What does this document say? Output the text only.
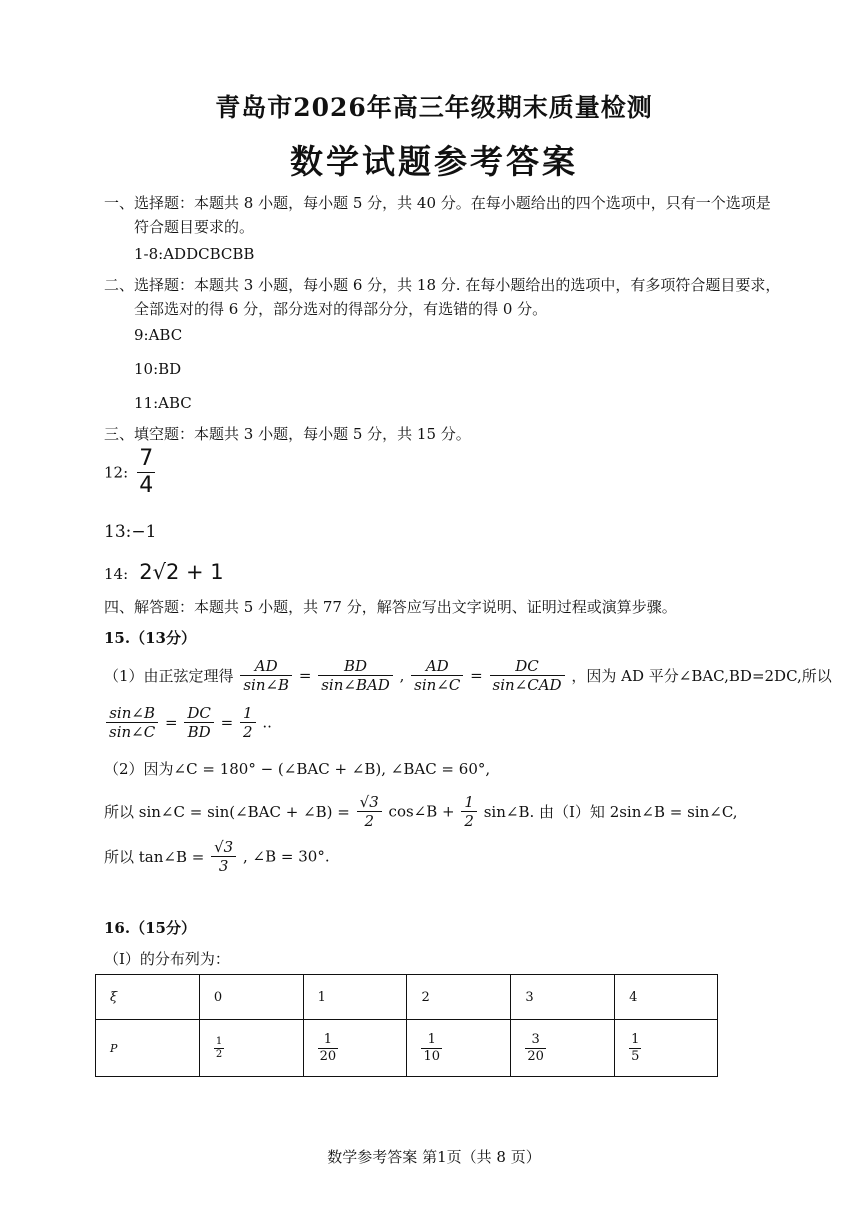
青岛市2026年高三年级期末质量检测
数学试题参考答案
一、选择题：本题共 8 小题，每小题 5 分，共 40 分。在每小题给出的四个选项中，只有一个选项是
符合题目要求的。
1-8:ADDCBCBB
二、选择题：本题共 3 小题，每小题 6 分，共 18 分. 在每小题给出的选项中，有多项符合题目要求，
全部选对的得 6 分，部分选对的得部分分，有选错的得 0 分。
9:ABC
10:BD
11:ABC
三、填空题：本题共 3 小题，每小题 5 分，共 15 分。
12: $\frac{7}{4}$
13:−1
14: 2√2 + 1
四、解答题：本题共 5 小题，共 77 分，解答应写出文字说明、证明过程或演算步骤。
15.（13分）
（1）由正弦定理得 $\frac{AD}{\sin\angle B} = \frac{BD}{\text{sin∠BAD}}$ , $\frac{AD}{\sin\angle C} = \frac{DC}{\text{sin∠CAD}}$ ，因为 AD 平分∠BAC,BD=2DC,所以
$\frac{\sin\angle B}{\sin\angle C} = \frac{DC}{BD} = \frac{1}{2}$ ..
（2）因为∠C = 180° − (∠BAC + ∠B), ∠BAC = 60°,
所以 sin∠C = sin(∠BAC + ∠B) = $\frac{√3}{2}$ cos∠B + $\frac{1}{2}$ sin∠B. 由（I）知 2sin∠B = sin∠C,
所以 tan∠B = $\frac{√3}{3}$ , ∠B = 30°.
16.（15分）
（I）的分布列为：
ξ	0	1	2	3	4
P	$\frac{1}{2}$	$\frac{1}{20}$	$\frac{1}{10}$	$\frac{3}{20}$	$\frac{1}{5}$
数学参考答案 第1页（共 8 页）
